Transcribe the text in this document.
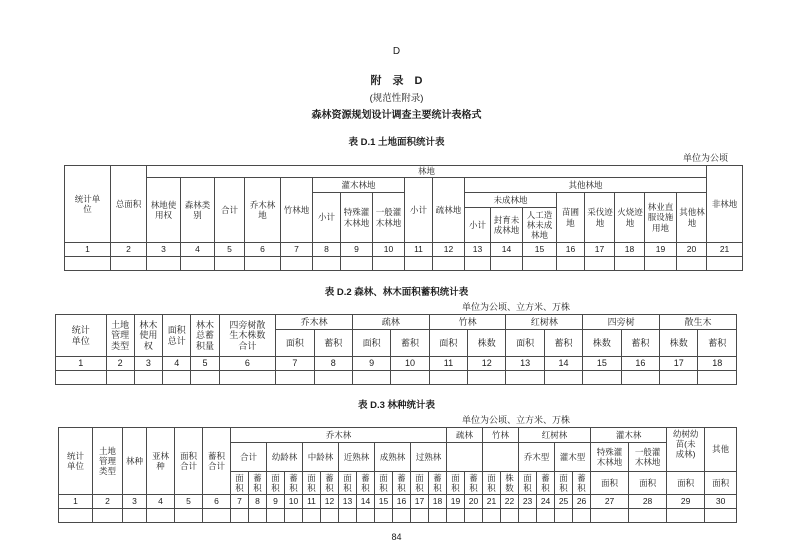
D
附　录　D
(规范性附录)
森林资源规划设计调查主要统计表格式
表 D.1 土地面积统计表
单位为公顷
统计单位	总面积	林地																		非林地
		林地使用权	森林类别	合计	乔木林地	竹林地	灌木林地			小计	疏林地	其他林地								
							小计	特殊灌木林地	一般灌木林地			未成林地			苗圃地	采伐迹地	火烧迹地	林业直服设施用地	其他林地	
												小计	封育未成林地	人工造林未成林地						
1	2	3	4	5	6	7	8	9	10	11	12	13	14	15	16	17	18	19	20	21

表 D.2 森林、林木面积蓄积统计表
单位为公顷、立方米、万株
统计单位	土地管理类型	林木使用权	面积总计	林木总蓄积量	四旁树散生木株数合计	乔木林		疏林		竹林		红树林		四旁树		散生木	
						面积	蓄积	面积	蓄积	面积	株数	面积	蓄积	株数	蓄积	株数	蓄积
1	2	3	4	5	6	7	8	9	10	11	12	13	14	15	16	17	18

表 D.3 林种统计表
单位为公顷、立方米、万株
统计单位	土地管理类型	林种	亚林种	面积合计	蓄积合计	乔木林												疏林		竹林		红树林				灌木林		幼树幼苗(未成林)	其他
						合计		幼龄林		中龄林		近熟林		成熟林		过熟林						乔木型		灌木型		特殊灌木林地	一般灌木林地		
						面积	蓄积	面积	蓄积	面积	蓄积	面积	蓄积	面积	蓄积	面积	蓄积	面积	蓄积	面积	株数	面积	蓄积	面积	蓄积	面积	面积	面积	面积
1	2	3	4	5	6	7	8	9	10	11	12	13	14	15	16	17	18	19	20	21	22	23	24	25	26	27	28	29	30

84
